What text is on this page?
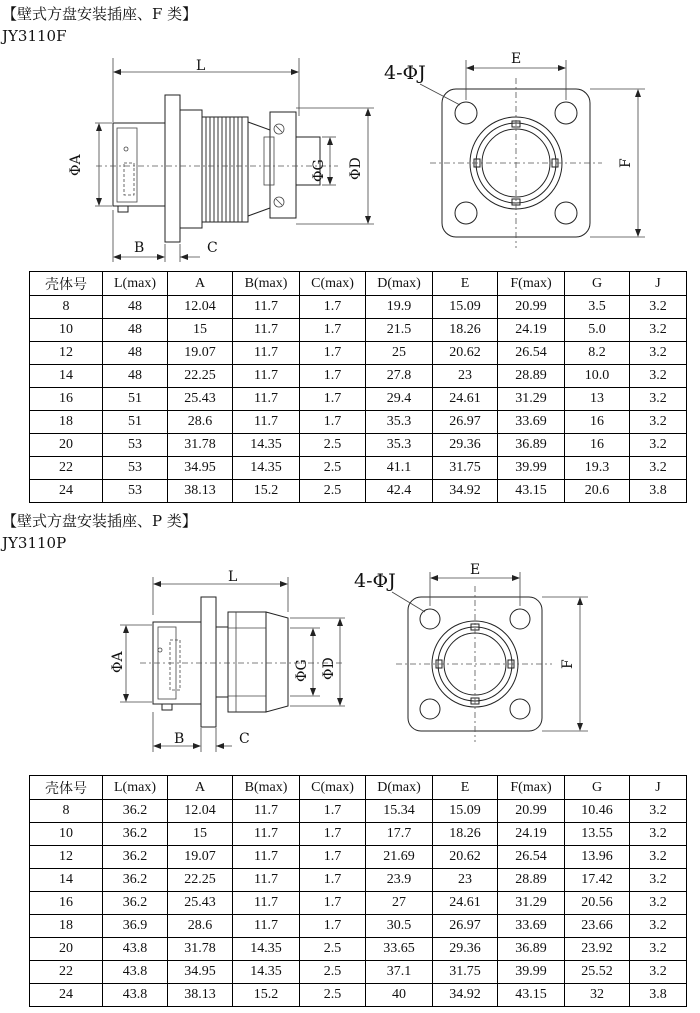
【壁式方盘安装插座、F 类】
JY3110F
L
ΦA	ΦG ΦD
B	C
E
F
4-ΦJ
壳体号	L(max)	A	B(max)	C(max)	D(max)	E	F(max)	G	J
8	48	12.04	11.7	1.7	19.9	15.09	20.99	3.5	3.2
10	48	15	11.7	1.7	21.5	18.26	24.19	5.0	3.2
12	48	19.07	11.7	1.7	25	20.62	26.54	8.2	3.2
14	48	22.25	11.7	1.7	27.8	23	28.89	10.0	3.2
16	51	25.43	11.7	1.7	29.4	24.61	31.29	13	3.2
18	51	28.6	11.7	1.7	35.3	26.97	33.69	16	3.2
20	53	31.78	14.35	2.5	35.3	29.36	36.89	16	3.2
22	53	34.95	14.35	2.5	41.1	31.75	39.99	19.3	3.2
24	53	38.13	15.2	2.5	42.4	34.92	43.15	20.6	3.8
【壁式方盘安装插座、P 类】
JY3110P
L
ΦA	ΦG ΦD
B	C
E
F
4-ΦJ
壳体号	L(max)	A	B(max)	C(max)	D(max)	E	F(max)	G	J
8	36.2	12.04	11.7	1.7	15.34	15.09	20.99	10.46	3.2
10	36.2	15	11.7	1.7	17.7	18.26	24.19	13.55	3.2
12	36.2	19.07	11.7	1.7	21.69	20.62	26.54	13.96	3.2
14	36.2	22.25	11.7	1.7	23.9	23	28.89	17.42	3.2
16	36.2	25.43	11.7	1.7	27	24.61	31.29	20.56	3.2
18	36.9	28.6	11.7	1.7	30.5	26.97	33.69	23.66	3.2
20	43.8	31.78	14.35	2.5	33.65	29.36	36.89	23.92	3.2
22	43.8	34.95	14.35	2.5	37.1	31.75	39.99	25.52	3.2
24	43.8	38.13	15.2	2.5	40	34.92	43.15	32	3.8
